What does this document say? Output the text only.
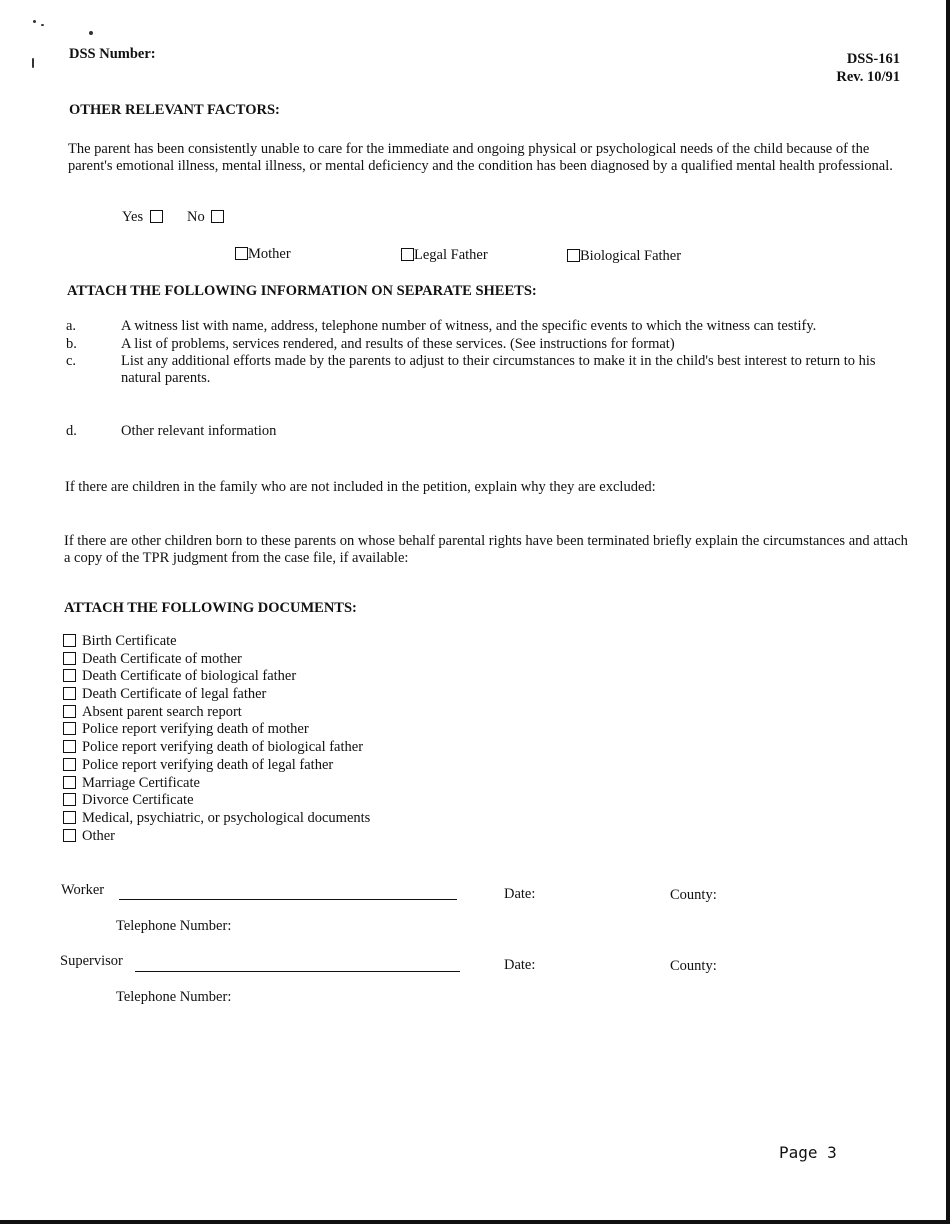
DSS Number:	DSS-161
Rev. 10/91
OTHER RELEVANT FACTORS:
The parent has been consistently unable to care for the immediate and ongoing physical or psychological needs of the child because of the parent's emotional illness, mental illness, or mental deficiency and the condition has been diagnosed by a qualified mental health professional.
Yes	No
Mother	Legal Father	Biological Father
ATTACH THE FOLLOWING INFORMATION ON SEPARATE SHEETS:
a.	A witness list with name, address, telephone number of witness, and the specific events to which the witness can testify.
b.	A list of problems, services rendered, and results of these services. (See instructions for format)
c.	List any additional efforts made by the parents to adjust to their circumstances to make it in the child's best interest to return to his natural parents.
d.	Other relevant information
If there are children in the family who are not included in the petition, explain why they are excluded:
If there are other children born to these parents on whose behalf parental rights have been terminated briefly explain the circumstances and attach a copy of the TPR judgment from the case file, if available:
ATTACH THE FOLLOWING DOCUMENTS:
Birth Certificate
Death Certificate of mother
Death Certificate of biological father
Death Certificate of legal father
Absent parent search report
Police report verifying death of mother
Police report verifying death of biological father
Police report verifying death of legal father
Marriage Certificate
Divorce Certificate
Medical, psychiatric, or psychological documents
Other
Worker	Date:	County:
Telephone Number:
Supervisor	Date:	County:
Telephone Number:
Page 3
